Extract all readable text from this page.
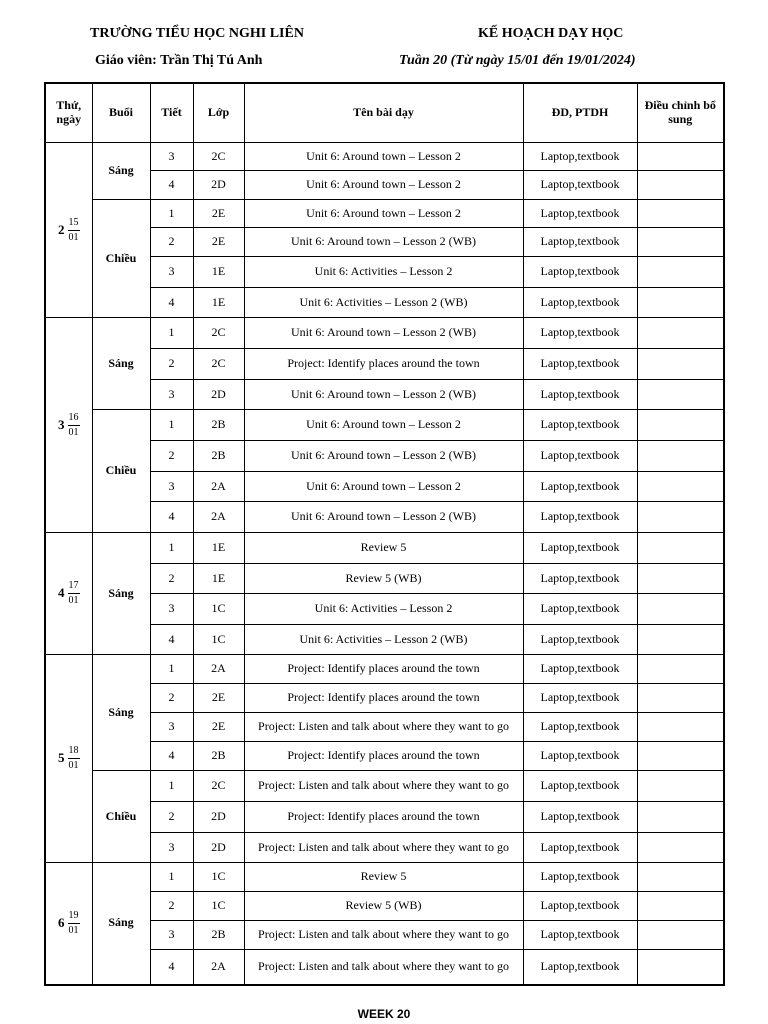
TRƯỜNG TIỂU HỌC NGHI LIÊN	KẾ HOẠCH DẠY HỌC
Giáo viên: Trần Thị Tú Anh	Tuần 20 (Từ ngày 15/01 đến 19/01/2024)
Thứ, ngày	Buổi	Tiết	Lớp	Tên bài dạy	ĐD, PTDH	Điều chỉnh bổ sung

$2 \frac{15}{01}$	Sáng	3	2C	Unit 6: Around town – Lesson 2	Laptop,textbook	
		4	2D	Unit 6: Around town – Lesson 2	Laptop,textbook	
	Chiều	1	2E	Unit 6: Around town – Lesson 2	Laptop,textbook	
		2	2E	Unit 6: Around town – Lesson 2 (WB)	Laptop,textbook	
		3	1E	Unit 6: Activities – Lesson 2	Laptop,textbook	
		4	1E	Unit 6: Activities – Lesson 2 (WB)	Laptop,textbook	

$3 \frac{16}{01}$	Sáng	1	2C	Unit 6: Around town – Lesson 2 (WB)	Laptop,textbook	
		2	2C	Project: Identify places around the town	Laptop,textbook	
		3	2D	Unit 6: Around town – Lesson 2 (WB)	Laptop,textbook	
	Chiều	1	2B	Unit 6: Around town – Lesson 2	Laptop,textbook	
		2	2B	Unit 6: Around town – Lesson 2 (WB)	Laptop,textbook	
		3	2A	Unit 6: Around town – Lesson 2	Laptop,textbook	
		4	2A	Unit 6: Around town – Lesson 2 (WB)	Laptop,textbook	

$4 \frac{17}{01}$	Sáng	1	1E	Review 5	Laptop,textbook	
		2	1E	Review 5 (WB)	Laptop,textbook	
		3	1C	Unit 6: Activities – Lesson 2	Laptop,textbook	
		4	1C	Unit 6: Activities – Lesson 2 (WB)	Laptop,textbook	

$5 \frac{18}{01}$	Sáng	1	2A	Project: Identify places around the town	Laptop,textbook	
		2	2E	Project: Identify places around the town	Laptop,textbook	
		3	2E	Project: Listen and talk about where they want to go	Laptop,textbook	
		4	2B	Project: Identify places around the town	Laptop,textbook	
	Chiều	1	2C	Project: Listen and talk about where they want to go	Laptop,textbook	
		2	2D	Project: Identify places around the town	Laptop,textbook	
		3	2D	Project: Listen and talk about where they want to go	Laptop,textbook	

$6 \frac{19}{01}$	Sáng	1	1C	Review 5	Laptop,textbook	
		2	1C	Review 5 (WB)	Laptop,textbook	
		3	2B	Project: Listen and talk about where they want to go	Laptop,textbook	
		4	2A	Project: Listen and talk about where they want to go	Laptop,textbook	
WEEK 20
